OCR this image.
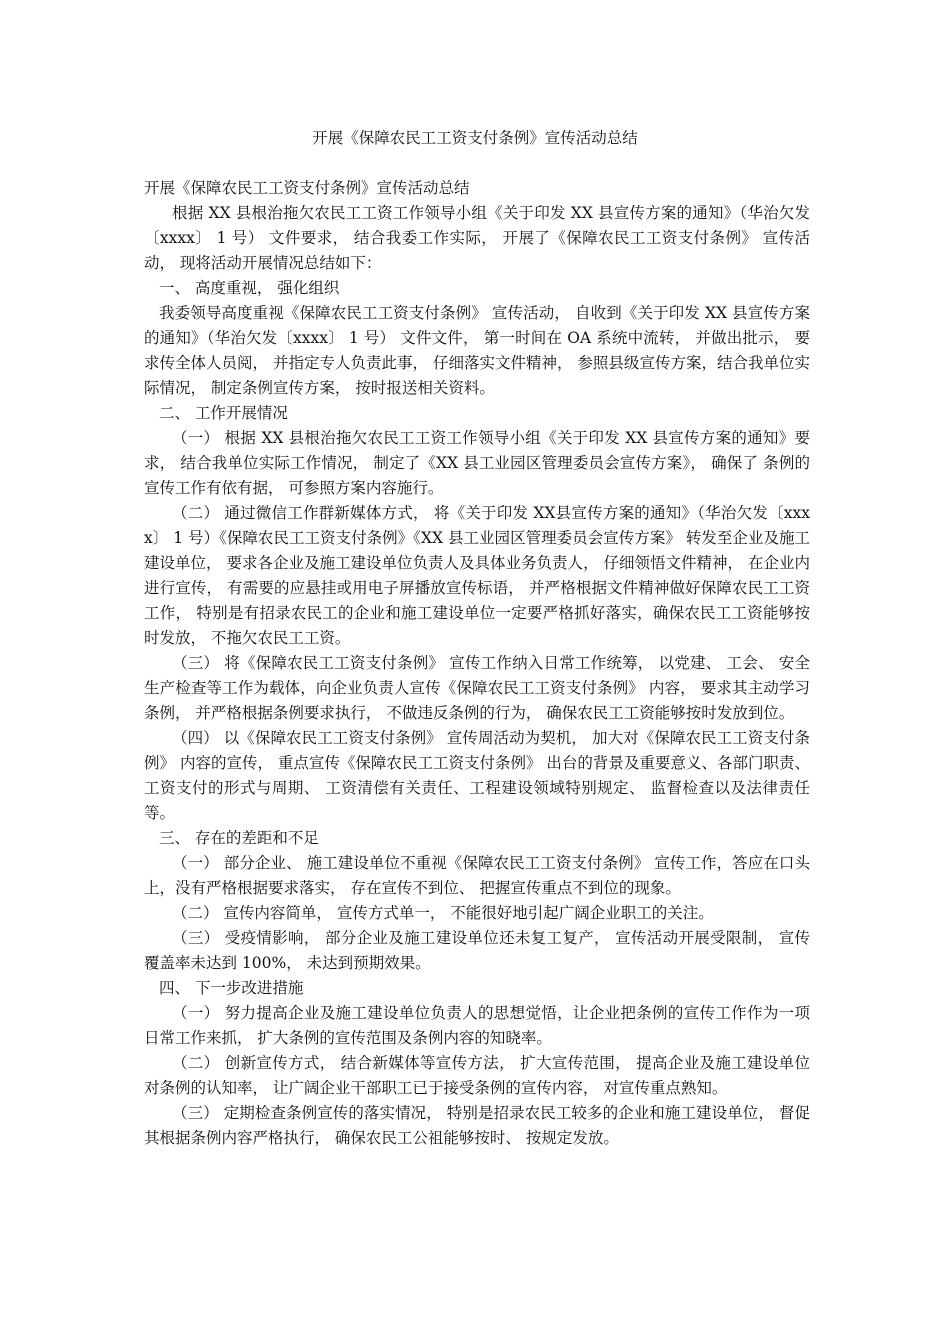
开展《保障农民工工资支付条例》宣传活动总结

开展《保障农民工工资支付条例》宣传活动总结

根据 XX 县根治拖欠农民工工资工作领导小组《关于印发 XX 县宣传方案的通知》（华治欠发〔xxxx〕 1 号） 文件要求， 结合我委工作实际， 开展了《保障农民工工资支付条例》 宣传活动， 现将活动开展情况总结如下：

一、 高度重视， 强化组织

我委领导高度重视《保障农民工工资支付条例》 宣传活动， 自收到《关于印发 XX 县宣传方案的通知》（华治欠发〔xxxx〕 1 号） 文件文件， 第一时间在 OA 系统中流转， 并做出批示， 要求传全体人员阅， 并指定专人负责此事， 仔细落实文件精神， 参照县级宣传方案，结合我单位实际情况， 制定条例宣传方案， 按时报送相关资料。

二、 工作开展情况

（一） 根据 XX 县根治拖欠农民工工资工作领导小组《关于印发 XX 县宣传方案的通知》要求， 结合我单位实际工作情况， 制定了《XX 县工业园区管理委员会宣传方案》， 确保了 条例的宣传工作有依有据， 可参照方案内容施行。

（二） 通过微信工作群新媒体方式， 将《关于印发 XX县宣传方案的通知》（华治欠发〔xxxx〕 1 号）《保障农民工工资支付条例》《XX 县工业园区管理委员会宣传方案》 转发至企业及施工建设单位， 要求各企业及施工建设单位负责人及具体业务负责人， 仔细领悟文件精神， 在企业内进行宣传， 有需要的应悬挂或用电子屏播放宣传标语， 并严格根据文件精神做好保障农民工工资工作， 特别是有招录农民工的企业和施工建设单位一定要严格抓好落实，确保农民工工资能够按时发放， 不拖欠农民工工资。

（三） 将《保障农民工工资支付条例》 宣传工作纳入日常工作统筹， 以党建、 工会、 安全生产检查等工作为载体，向企业负责人宣传《保障农民工工资支付条例》 内容， 要求其主动学习条例， 并严格根据条例要求执行， 不做违反条例的行为， 确保农民工工资能够按时发放到位。

（四） 以《保障农民工工资支付条例》 宣传周活动为契机， 加大对《保障农民工工资支付条例》 内容的宣传， 重点宣传《保障农民工工资支付条例》 出台的背景及重要意义、各部门职责、 工资支付的形式与周期、 工资清偿有关责任、工程建设领域特别规定、 监督检查以及法律责任等。

三、 存在的差距和不足

（一） 部分企业、 施工建设单位不重视《保障农民工工资支付条例》 宣传工作，答应在口头上，没有严格根据要求落实， 存在宣传不到位、 把握宣传重点不到位的现象。

（二） 宣传内容简单， 宣传方式单一， 不能很好地引起广阔企业职工的关注。

（三） 受疫情影响， 部分企业及施工建设单位还未复工复产， 宣传活动开展受限制， 宣传覆盖率未达到 100%， 未达到预期效果。

四、 下一步改进措施

（一） 努力提高企业及施工建设单位负责人的思想觉悟，让企业把条例的宣传工作作为一项日常工作来抓， 扩大条例的宣传范围及条例内容的知晓率。

（二） 创新宣传方式， 结合新媒体等宣传方法， 扩大宣传范围， 提高企业及施工建设单位对条例的认知率， 让广阔企业干部职工已于接受条例的宣传内容， 对宣传重点熟知。

（三） 定期检查条例宣传的落实情况， 特别是招录农民工较多的企业和施工建设单位， 督促其根据条例内容严格执行， 确保农民工公祖能够按时、 按规定发放。
